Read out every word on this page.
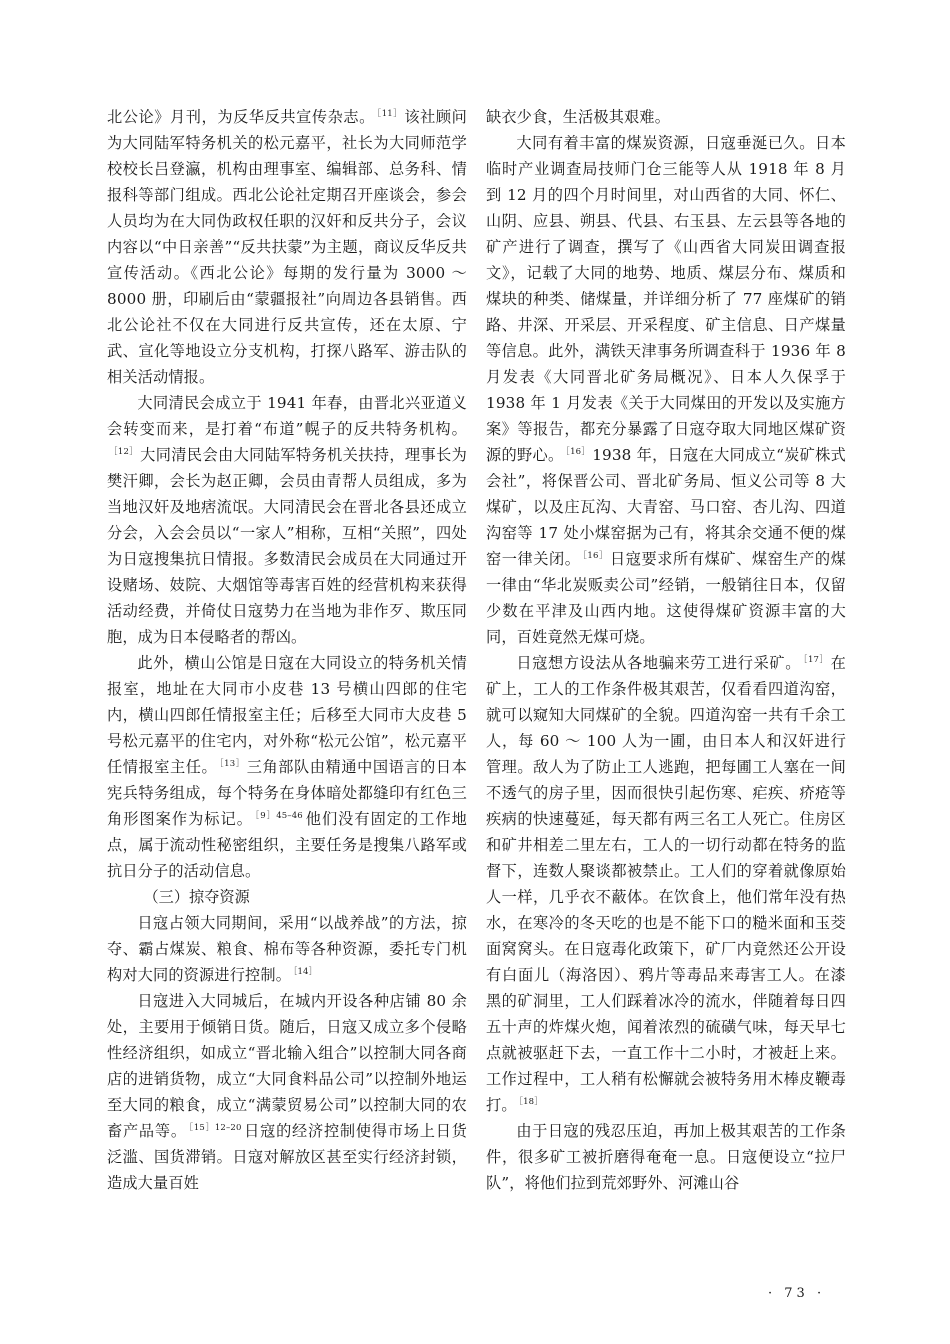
北公论》月刊，为反华反共宣传杂志。 $^{[11]}$ 该社顾问为大同陆军特务机关的松元嘉平，社长为大同师范学校校长吕登瀛，机构由理事室、编辑部、总务科、情报科等部门组成。西北公论社定期召开座谈会，参会人员均为在大同伪政权任职的汉奸和反共分子，会议内容以“中日亲善”“反共扶蒙”为主题，商议反华反共宣传活动。《西北公论》每期的发行量为 3000 ～ 8000 册，印刷后由“蒙疆报社”向周边各县销售。西北公论社不仅在大同进行反共宣传，还在太原、宁武、宣化等地设立分支机构，打探八路军、游击队的相关活动情报。

大同清民会成立于 1941 年春，由晋北兴亚道义会转变而来，是打着“布道”幌子的反共特务机构。$^{[12]}$ 大同清民会由大同陆军特务机关扶持，理事长为樊汗卿，会长为赵正卿，会员由青帮人员组成，多为当地汉奸及地痞流氓。大同清民会在晋北各县还成立分会，入会会员以“一家人”相称，互相“关照”，四处为日寇搜集抗日情报。多数清民会成员在大同通过开设赌场、妓院、大烟馆等毒害百姓的经营机构来获得活动经费，并倚仗日寇势力在当地为非作歹、欺压同胞，成为日本侵略者的帮凶。

此外，横山公馆是日寇在大同设立的特务机关情报室，地址在大同市小皮巷 13 号横山四郎的住宅内，横山四郎任情报室主任；后移至大同市大皮巷 5 号松元嘉平的住宅内，对外称“松元公馆”，松元嘉平任情报室主任。 $^{[13]}$ 三角部队由精通中国语言的日本宪兵特务组成，每个特务在身体暗处都缝印有红色三角形图案作为标记。 $^{[9]45-46}$ 他们没有固定的工作地点，属于流动性秘密组织，主要任务是搜集八路军或抗日分子的活动信息。

（三）掠夺资源

日寇占领大同期间，采用“以战养战”的方法，掠夺、霸占煤炭、粮食、棉布等各种资源，委托专门机构对大同的资源进行控制。 $^{[14]}$

日寇进入大同城后，在城内开设各种店铺 80 余处，主要用于倾销日货。随后，日寇又成立多个侵略性经济组织，如成立“晋北输入组合”以控制大同各商店的进销货物，成立“大同食料品公司”以控制外地运至大同的粮食，成立“满蒙贸易公司”以控制大同的农畜产品等。 $^{[15]12-20}$ 日寇的经济控制使得市场上日货泛滥、国货滞销。日寇对解放区甚至实行经济封锁，造成大量百姓

缺衣少食，生活极其艰难。

大同有着丰富的煤炭资源，日寇垂涎已久。日本临时产业调查局技师门仓三能等人从 1918 年 8 月到 12 月的四个月时间里，对山西省的大同、怀仁、山阴、应县、朔县、代县、右玉县、左云县等各地的矿产进行了调查，撰写了《山西省大同炭田调查报文》，记载了大同的地势、地质、煤层分布、煤质和煤块的种类、储煤量，并详细分析了 77 座煤矿的销路、井深、开采层、开采程度、矿主信息、日产煤量等信息。此外，满铁天津事务所调查科于 1936 年 8 月发表《大同晋北矿务局概况》、日本人久保孚于 1938 年 1 月发表《关于大同煤田的开发以及实施方案》等报告，都充分暴露了日寇夺取大同地区煤矿资源的野心。 $^{[16]}$ 1938 年，日寇在大同成立“炭矿株式会社”，将保晋公司、晋北矿务局、恒义公司等 8 大煤矿，以及庄瓦沟、大青窑、马口窑、杏儿沟、四道沟窑等 17 处小煤窑据为己有，将其余交通不便的煤窑一律关闭。 $^{[16]}$ 日寇要求所有煤矿、煤窑生产的煤一律由“华北炭贩卖公司”经销，一般销往日本，仅留少数在平津及山西内地。这使得煤矿资源丰富的大同，百姓竟然无煤可烧。

日寇想方设法从各地骗来劳工进行采矿。 $^{[17]}$ 在矿上，工人的工作条件极其艰苦，仅看看四道沟窑，就可以窥知大同煤矿的全貌。四道沟窑一共有千余工人，每 60 ～ 100 人为一圃，由日本人和汉奸进行管理。敌人为了防止工人逃跑，把每圃工人塞在一间不透气的房子里，因而很快引起伤寒、疟疾、疥疮等疾病的快速蔓延，每天都有两三名工人死亡。住房区和矿井相差二里左右，工人的一切行动都在特务的监督下，连数人聚谈都被禁止。工人们的穿着就像原始人一样，几乎衣不蔽体。在饮食上，他们常年没有热水，在寒冷的冬天吃的也是不能下口的糙米面和玉茭面窝窝头。在日寇毒化政策下，矿厂内竟然还公开设有白面儿（海洛因）、鸦片等毒品来毒害工人。在漆黑的矿洞里，工人们踩着冰冷的流水，伴随着每日四五十声的炸煤火炮，闻着浓烈的硫磺气味，每天早七点就被驱赶下去，一直工作十二小时，才被赶上来。工作过程中，工人稍有松懈就会被特务用木棒皮鞭毒打。 $^{[18]}$

由于日寇的残忍压迫，再加上极其艰苦的工作条件，很多矿工被折磨得奄奄一息。日寇便设立“拉尸队”，将他们拉到荒郊野外、河滩山谷

· 73 ·
